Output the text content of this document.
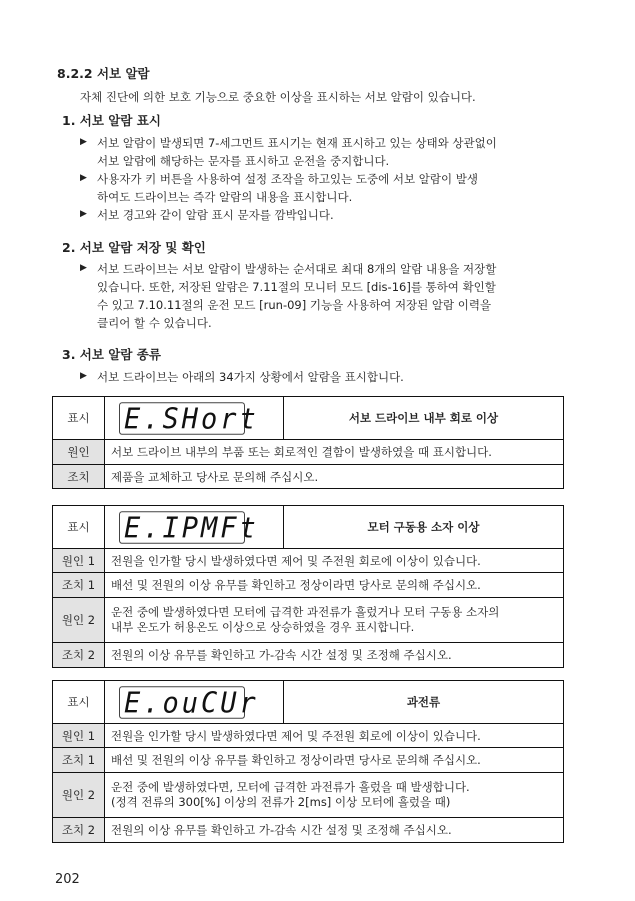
8.2.2 서보 알람
자체 진단에 의한 보호 기능으로 중요한 이상을 표시하는 서보 알람이 있습니다.
1. 서보 알람 표시
▶ 서보 알람이 발생되면 7-세그먼트 표시기는 현재 표시하고 있는 상태와 상관없이
서보 알람에 해당하는 문자를 표시하고 운전을 중지합니다.
▶ 사용자가 키 버튼을 사용하여 설정 조작을 하고있는 도중에 서보 알람이 발생
하여도 드라이브는 즉각 알람의 내용을 표시합니다.
▶ 서보 경고와 같이 알람 표시 문자를 깜박입니다.
2. 서보 알람 저장 및 확인
▶ 서보 드라이브는 서보 알람이 발생하는 순서대로 최대 8개의 알람 내용을 저장할
있습니다. 또한, 저장된 알람은 7.11절의 모니터 모드 [dis-16]를 통하여 확인할
수 있고 7.10.11절의 운전 모드 [run-09] 기능을 사용하여 저장된 알람 이력을
클리어 할 수 있습니다.
3. 서보 알람 종류
▶ 서보 드라이브는 아래의 34가지 상황에서 알람을 표시합니다.
표시	E.SHort	서보 드라이브 내부 회로 이상
원인	서보 드라이브 내부의 부품 또는 회로적인 결함이 발생하였을 때 표시합니다.	
조치	제품을 교체하고 당사로 문의해 주십시오.	
표시	E.IPMFt	모터 구동용 소자 이상
원인 1	전원을 인가할 당시 발생하였다면 제어 및 주전원 회로에 이상이 있습니다.	
조치 1	배선 및 전원의 이상 유무를 확인하고 정상이라면 당사로 문의해 주십시오.	
원인 2	운전 중에 발생하였다면 모터에 급격한 과전류가 흘렀거나 모터 구동용 소자의
내부 온도가 허용온도 이상으로 상승하였을 경우 표시합니다.	

조치 2	전원의 이상 유무를 확인하고 가-감속 시간 설정 및 조정해 주십시오.	
표시	E.ouCUr	과전류
원인 1	전원을 인가할 당시 발생하였다면 제어 및 주전원 회로에 이상이 있습니다.	
조치 1	배선 및 전원의 이상 유무를 확인하고 정상이라면 당사로 문의해 주십시오.	
원인 2	운전 중에 발생하였다면, 모터에 급격한 과전류가 흘렀을 때 발생합니다.
(정격 전류의 300[%] 이상의 전류가 2[ms] 이상 모터에 흘렀을 때)	

조치 2	전원의 이상 유무를 확인하고 가-감속 시간 설정 및 조정해 주십시오.	
202
